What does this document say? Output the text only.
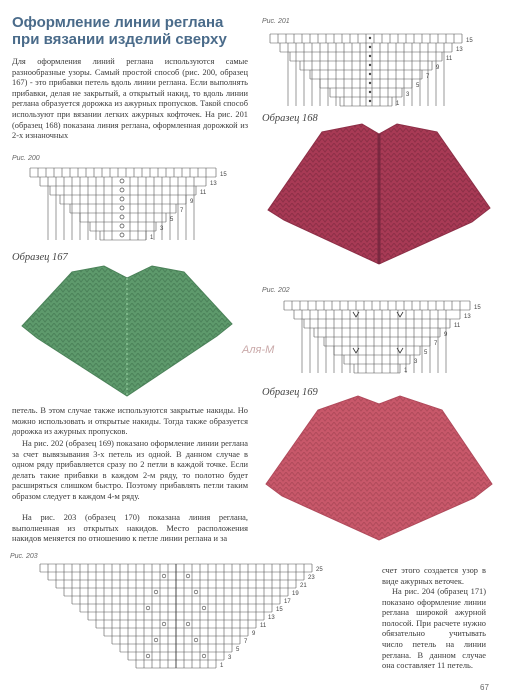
Оформление линии реглана при вязании изделий сверху
Для оформления линий реглана используются самые разнообразные узоры. Самый простой способ (рис. 200, образец 167) - это прибавки петель вдоль линии реглана. Если выполнять прибавки, делая не закрытый, а открытый накид, то вдоль линии реглана образуется дорожка из ажурных пропусков. Такой способ используют при вязании легких ажурных кофточек. На рис. 201 (образец 168) показана линия реглана, оформленная дорожкой из 2-х изнаночных
Рис. 200
15
13
11
9
7
5
3
1
Образец 167
петель. В этом случае также используются закрытые накиды. Но можно использовать и открытые накиды. Тогда также образуется дорожка из ажурных пропусков.
На рис. 202 (образец 169) показано оформление линии реглана за счет вывязывания 3-х петель из одной. В данном случае в одном ряду прибавляется сразу по 2 петли в каждой точке. Если делать такие прибавки в каждом 2-м ряду, то полотно будет расширяться слишком быстро. Поэтому прибавлять петли таким образом следует в каждом 4-м ряду.
На рис. 203 (образец 170) показана линия реглана, выполненная из открытых накидов. Место расположения накидов меняется по отношению к петле линии реглана и за
Рис. 201
15
13
11
9
7
5
3
1
Образец 168
Рис. 202
15
13
11
9
7
5
3
1
Аля-М
Образец 169
Рис. 203
25
23
21
19
17
15
13
11
9
7
5
3
1
счет этого создается узор в виде ажурных веточек.
На рис. 204 (образец 171) показано оформление линии реглана широкой ажурной полосой. При расчете нужно обязательно учитывать число петель на линии реглана. В данном случае она составляет 11 петель.
67
